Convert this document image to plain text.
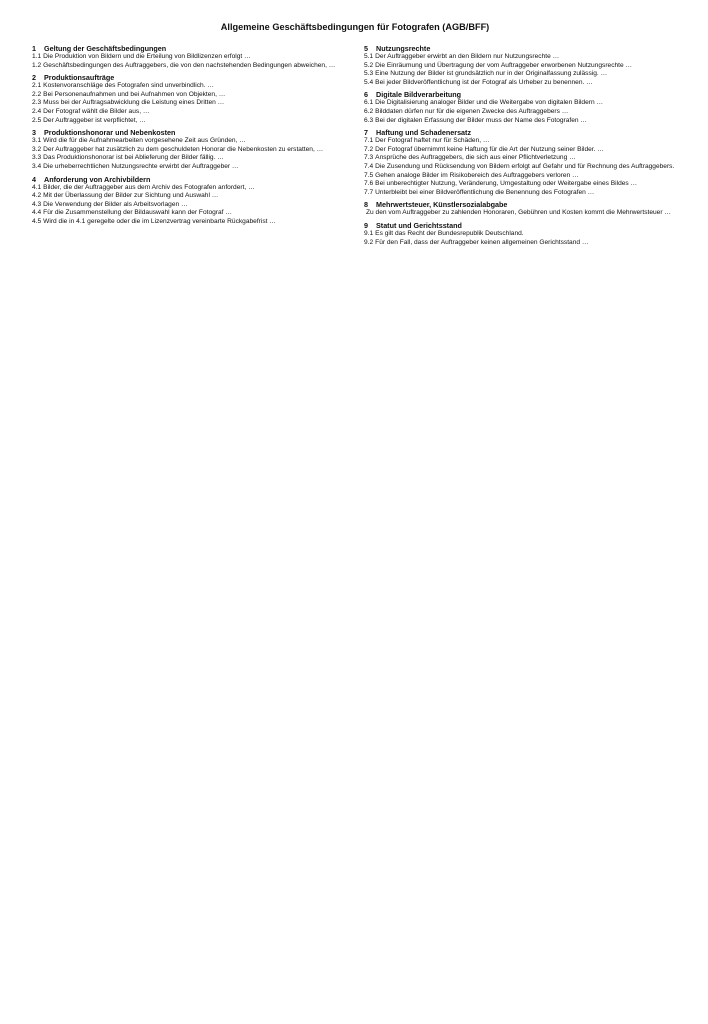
Allgemeine Geschäftsbedingungen für Fotografen (AGB/BFF)
1	Geltung der Geschäftsbedingungen

1.1 Die Produktion von Bildern und die Erteilung von Bildlizenzen erfolgt …

1.2 Geschäftsbedingungen des Auftraggebers, die von den nachstehenden Bedingungen abweichen, …

2	Produktionsaufträge

2.1 Kostenvoranschläge des Fotografen sind unverbindlich. …

2.2 Bei Personenaufnahmen und bei Aufnahmen von Objekten, …

2.3 Muss bei der Auftragsabwicklung die Leistung eines Dritten …

2.4 Der Fotograf wählt die Bilder aus, …

2.5 Der Auftraggeber ist verpflichtet, …

3	Produktionshonorar und Nebenkosten

3.1 Wird die für die Aufnahmearbeiten vorgesehene Zeit aus Gründen, …

3.2 Der Auftraggeber hat zusätzlich zu dem geschuldeten Honorar die Nebenkosten zu erstatten, …

3.3 Das Produktionshonorar ist bei Ablieferung der Bilder fällig. …

3.4 Die urheberrechtlichen Nutzungsrechte erwirbt der Auftraggeber …

4	Anforderung von Archivbildern

4.1 Bilder, die der Auftraggeber aus dem Archiv des Fotografen anfordert, …

4.2 Mit der Überlassung der Bilder zur Sichtung und Auswahl …

4.3 Die Verwendung der Bilder als Arbeitsvorlagen …

4.4 Für die Zusammenstellung der Bildauswahl kann der Fotograf …

4.5 Wird die in 4.1 geregelte oder die im Lizenzvertrag vereinbarte Rückgabefrist …

5	Nutzungsrechte

5.1 Der Auftraggeber erwirbt an den Bildern nur Nutzungsrechte …

5.2 Die Einräumung und Übertragung der vom Auftraggeber erworbenen Nutzungsrechte …

5.3 Eine Nutzung der Bilder ist grundsätzlich nur in der Originalfassung zulässig. …

5.4 Bei jeder Bildveröffentlichung ist der Fotograf als Urheber zu benennen. …

6	Digitale Bildverarbeitung

6.1 Die Digitalisierung analoger Bilder und die Weitergabe von digitalen Bildern …

6.2 Bilddaten dürfen nur für die eigenen Zwecke des Auftraggebers …

6.3 Bei der digitalen Erfassung der Bilder muss der Name des Fotografen …

7	Haftung und Schadenersatz

7.1 Der Fotograf haftet nur für Schäden, …

7.2 Der Fotograf übernimmt keine Haftung für die Art der Nutzung seiner Bilder. …

7.3 Ansprüche des Auftraggebers, die sich aus einer Pflichtverletzung …

7.4 Die Zusendung und Rücksendung von Bildern erfolgt auf Gefahr und für Rechnung des Auftraggebers.

7.5 Gehen analoge Bilder im Risikobereich des Auftraggebers verloren …

7.6 Bei unberechtigter Nutzung, Veränderung, Umgestaltung oder Weitergabe eines Bildes …

7.7 Unterbleibt bei einer Bildveröffentlichung die Benennung des Fotografen …

8	Mehrwertsteuer, Künstlersozialabgabe

Zu den vom Auftraggeber zu zahlenden Honoraren, Gebühren und Kosten kommt die Mehrwertsteuer …

9	Statut und Gerichtsstand

9.1 Es gilt das Recht der Bundesrepublik Deutschland.

9.2 Für den Fall, dass der Auftraggeber keinen allgemeinen Gerichtsstand …
